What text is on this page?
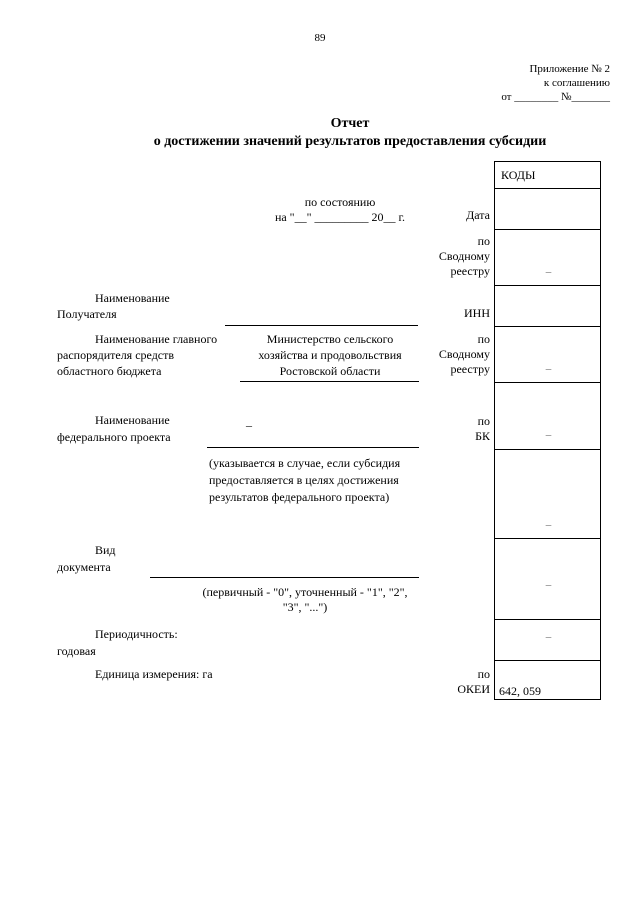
89
Приложение № 2
к соглашению
от ________ №_______
Отчет
о достижении значений результатов предоставления субсидии
КОДЫ
_
_
_
_
_
_
642, 059
по состоянию
на "__" _________ 20__ г.	Дата
по
Сводному
реестру
ИНН
по
Сводному
реестру
по
БК
по
ОКЕИ
Наименование
Получателя
Наименование главного
распорядителя средств
областного бюджета
Министерство сельского
хозяйства и продовольствия
Ростовской области
Наименование
федерального проекта
_
(указывается в случае, если субсидия
предоставляется в целях достижения
результатов федерального проекта)
Вид
документа
(первичный - "0", уточненный - "1", "2",
"3", "...")
Периодичность:
годовая
Единица измерения: га
